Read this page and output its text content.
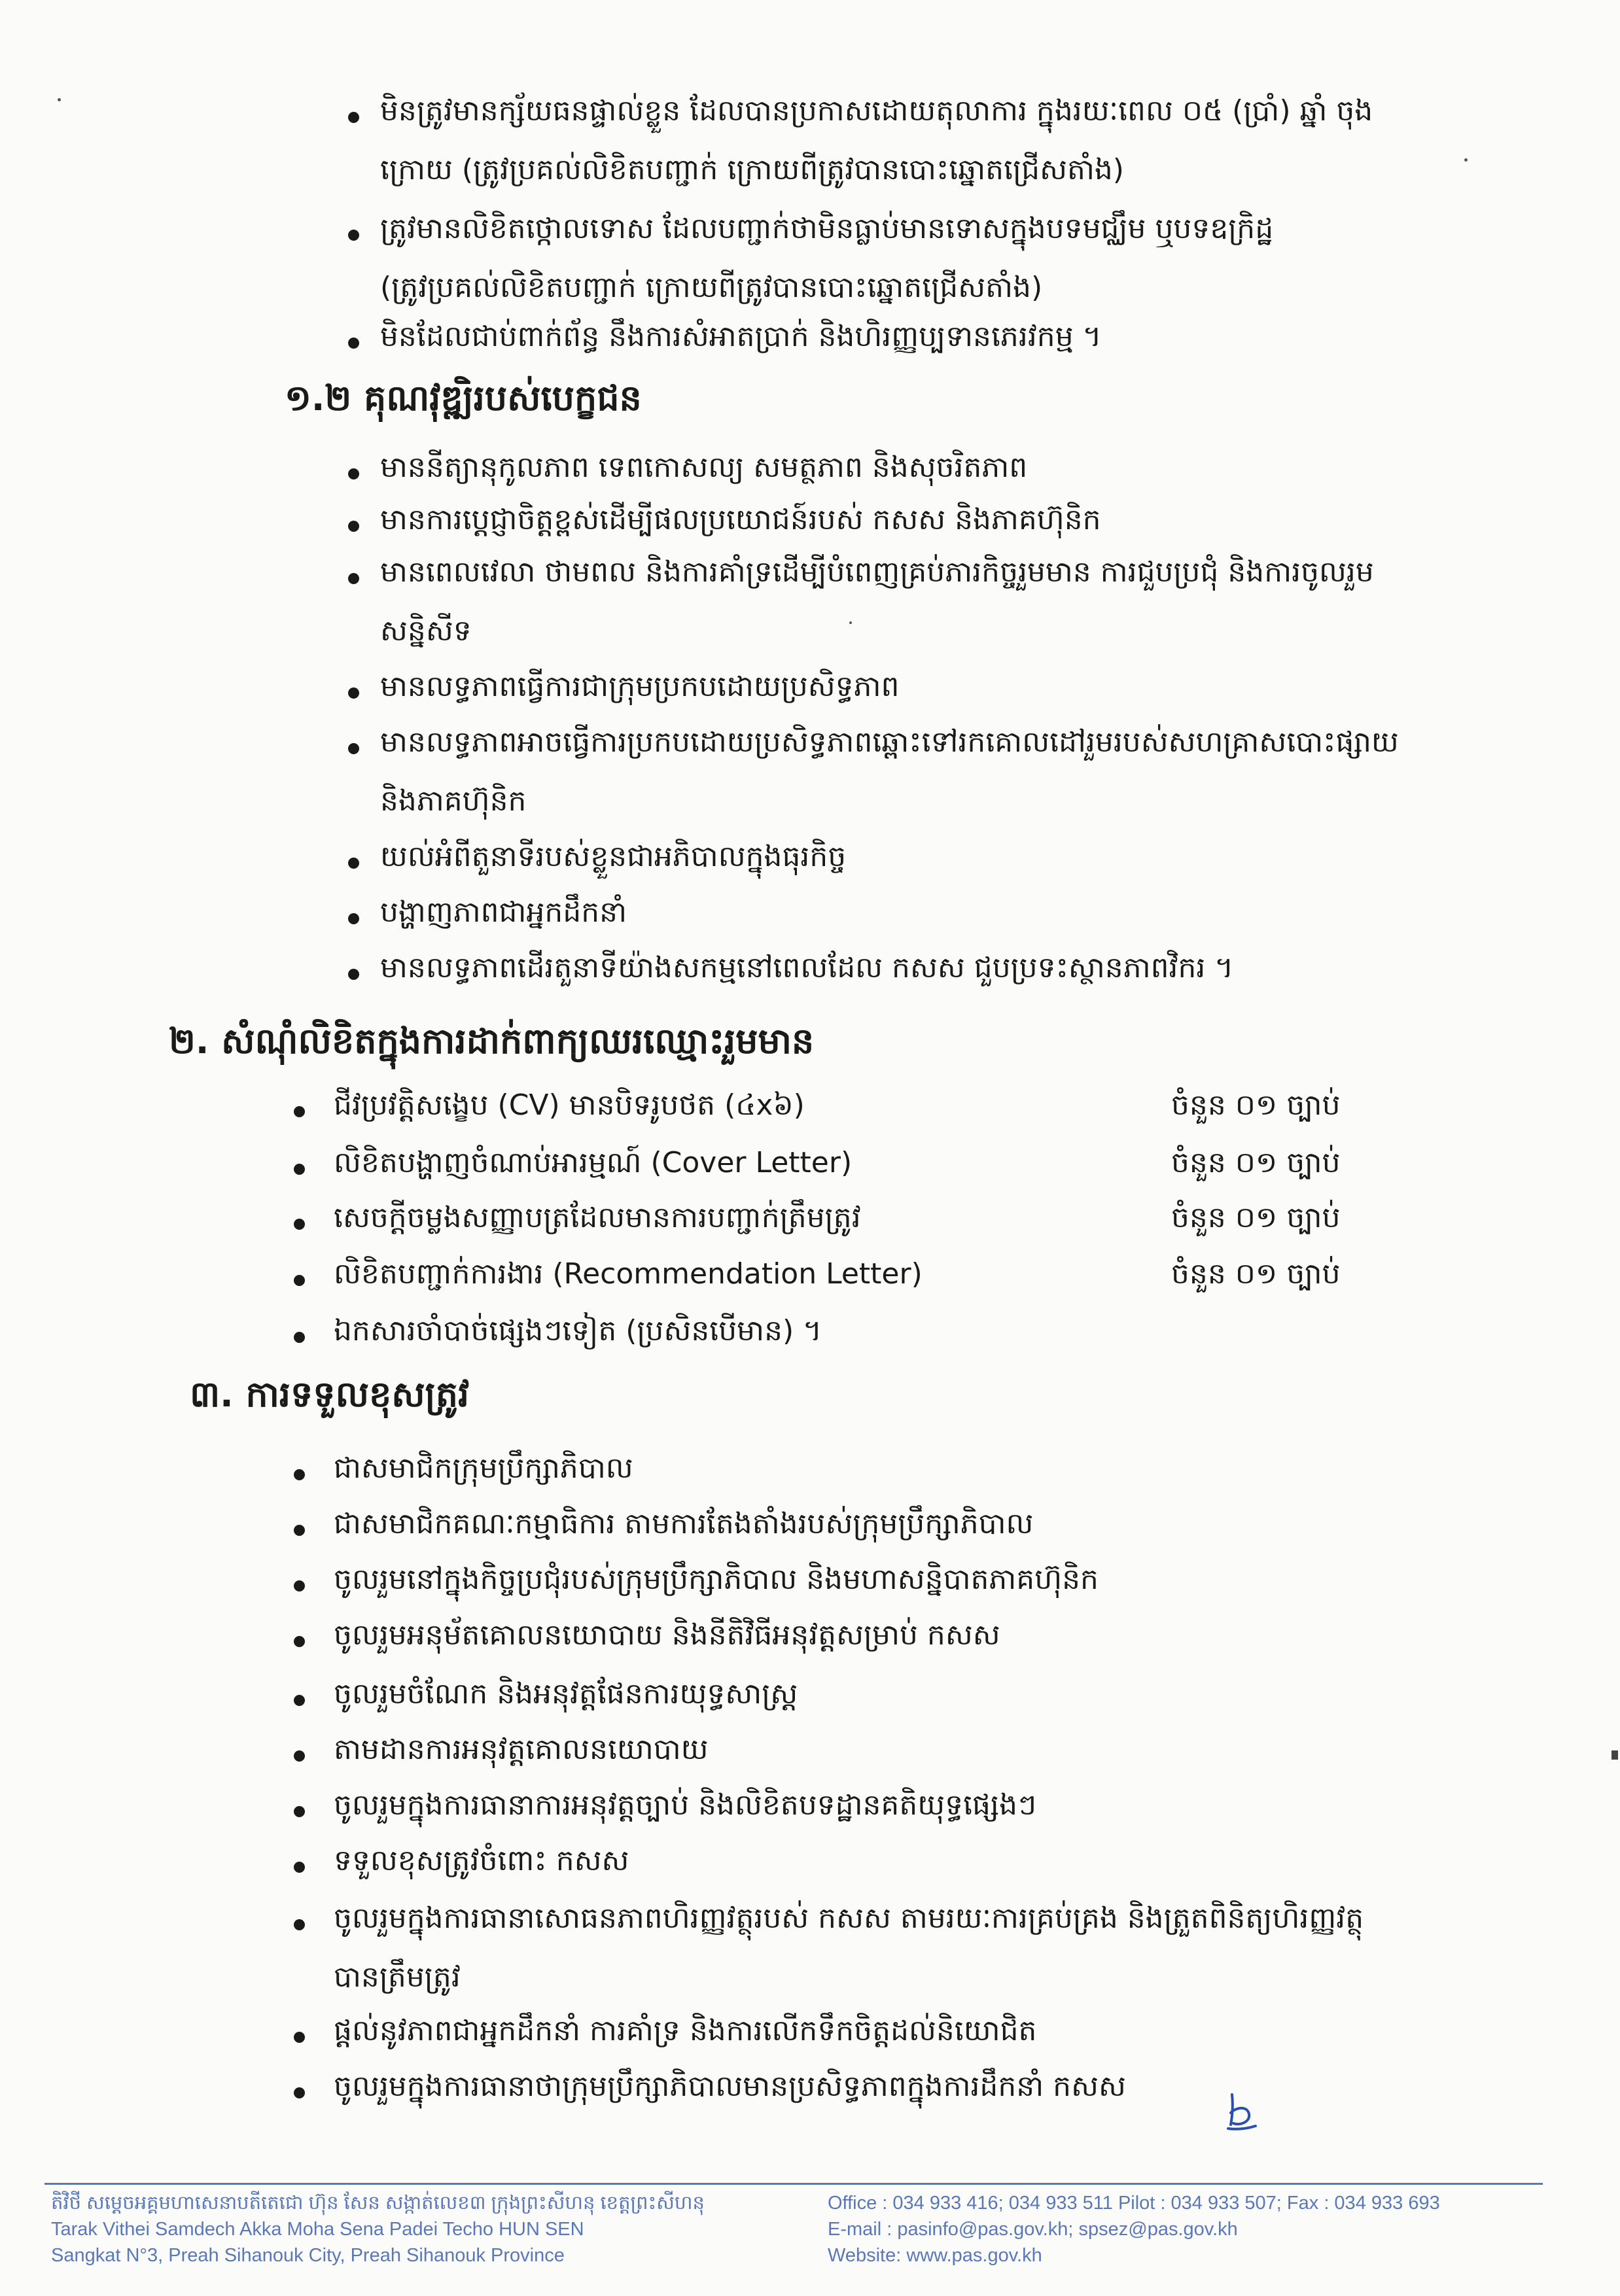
មិនត្រូវមានក្ស័យធនផ្ទាល់ខ្លួន ដែលបានប្រកាសដោយតុលាការ ក្នុងរយៈពេល ០៥ (ប្រាំ) ឆ្នាំ ចុង
ក្រោយ (ត្រូវប្រគល់លិខិតបញ្ជាក់ ក្រោយពីត្រូវបានបោះឆ្នោតជ្រើសតាំង)
ត្រូវមានលិខិតថ្កោលទោស ដែលបញ្ជាក់ថាមិនធ្លាប់មានទោសក្នុងបទមជ្ឈឹម ឬបទឧក្រិដ្ឋ
(ត្រូវប្រគល់លិខិតបញ្ជាក់ ក្រោយពីត្រូវបានបោះឆ្នោតជ្រើសតាំង)
មិនដែលជាប់ពាក់ព័ន្ធ នឹងការសំអាតប្រាក់ និងហិរញ្ញប្បទានភេរវកម្ម ។
១.២ គុណវុឌ្ឍិរបស់បេក្ខជន
មាននីត្យានុកូលភាព ទេពកោសល្យ សមត្ថភាព និងសុចរិតភាព
មានការប្តេជ្ញាចិត្តខ្ពស់ដើម្បីផលប្រយោជន៍របស់ កសស និងភាគហ៊ុនិក
មានពេលវេលា ថាមពល និងការគាំទ្រដើម្បីបំពេញគ្រប់ភារកិច្ចរួមមាន ការជួបប្រជុំ និងការចូលរួម
សន្និសីទ
មានលទ្ធភាពធ្វើការជាក្រុមប្រកបដោយប្រសិទ្ធភាព
មានលទ្ធភាពអាចធ្វើការប្រកបដោយប្រសិទ្ធភាពឆ្ពោះទៅរកគោលដៅរួមរបស់សហគ្រាសបោះផ្សាយ
និងភាគហ៊ុនិក
យល់អំពីតួនាទីរបស់ខ្លួនជាអភិបាលក្នុងធុរកិច្ច
បង្ហាញភាពជាអ្នកដឹកនាំ
មានលទ្ធភាពដើរតួនាទីយ៉ាងសកម្មនៅពេលដែល កសស ជួបប្រទះស្ថានភាពវិករ ។
២. សំណុំលិខិតក្នុងការដាក់ពាក្យឈរឈ្មោះរួមមាន
ជីវប្រវត្តិសង្ខេប (CV) មានបិទរូបថត (៤x៦)	ចំនួន ០១ ច្បាប់
លិខិតបង្ហាញចំណាប់អារម្មណ៍ (Cover Letter)	ចំនួន ០១ ច្បាប់
សេចក្តីចម្លងសញ្ញាបត្រដែលមានការបញ្ជាក់ត្រឹមត្រូវ	ចំនួន ០១ ច្បាប់
លិខិតបញ្ជាក់ការងារ (Recommendation Letter)	ចំនួន ០១ ច្បាប់
ឯកសារចាំបាច់ផ្សេងៗទៀត (ប្រសិនបើមាន) ។
៣. ការទទួលខុសត្រូវ
ជាសមាជិកក្រុមប្រឹក្សាភិបាល
ជាសមាជិកគណៈកម្មាធិការ តាមការតែងតាំងរបស់ក្រុមប្រឹក្សាភិបាល
ចូលរួមនៅក្នុងកិច្ចប្រជុំរបស់ក្រុមប្រឹក្សាភិបាល និងមហាសន្និបាតភាគហ៊ុនិក
ចូលរួមអនុម័តគោលនយោបាយ និងនីតិវិធីអនុវត្តសម្រាប់ កសស
ចូលរួមចំណែក និងអនុវត្តផែនការយុទ្ធសាស្ត្រ
តាមដានការអនុវត្តគោលនយោបាយ
ចូលរួមក្នុងការធានាការអនុវត្តច្បាប់ និងលិខិតបទដ្ឋានគតិយុទ្ធផ្សេងៗ
ទទួលខុសត្រូវចំពោះ កសស
ចូលរួមក្នុងការធានាសោធនភាពហិរញ្ញវត្ថុរបស់ កសស តាមរយៈការគ្រប់គ្រង និងត្រួតពិនិត្យហិរញ្ញវត្ថុ
បានត្រឹមត្រូវ
ផ្តល់នូវភាពជាអ្នកដឹកនាំ ការគាំទ្រ និងការលើកទឹកចិត្តដល់និយោជិត
ចូលរួមក្នុងការធានាថាក្រុមប្រឹក្សាភិបាលមានប្រសិទ្ធភាពក្នុងការដឹកនាំ កសស
តិវិថី សម្តេចអគ្គមហាសេនាបតីតេជោ ហ៊ុន សែន សង្កាត់លេខ៣ ក្រុងព្រះសីហនុ ខេត្តព្រះសីហនុ
Tarak Vithei Samdech Akka Moha Sena Padei Techo HUN SEN
Sangkat N°3, Preah Sihanouk City, Preah Sihanouk Province
Office : 034 933 416; 034 933 511 Pilot : 034 933 507; Fax : 034 933 693
E-mail : pasinfo@pas.gov.kh; spsez@pas.gov.kh
Website: www.pas.gov.kh
